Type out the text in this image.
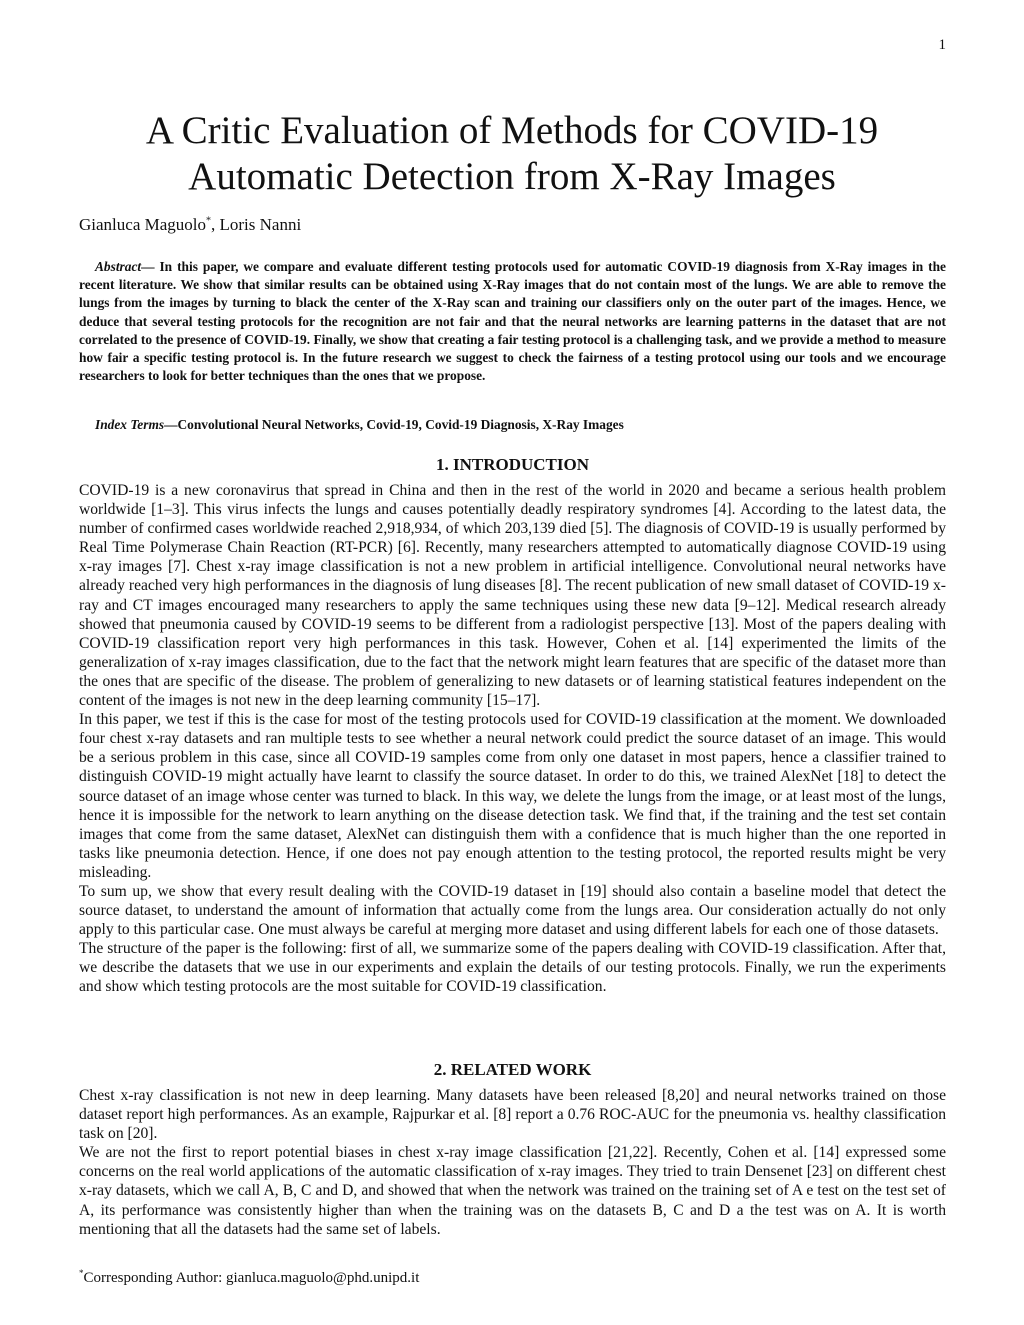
1
A Critic Evaluation of Methods for COVID-19
Automatic Detection from X-Ray Images
Gianluca Maguolo*, Loris Nanni

Abstract— In this paper, we compare and evaluate different testing protocols used for automatic COVID-19 diagnosis from X-Ray images in the recent literature. We show that similar results can be obtained using X-Ray images that do not contain most of the lungs. We are able to remove the lungs from the images by turning to black the center of the X-Ray scan and training our classifiers only on the outer part of the images. Hence, we deduce that several testing protocols for the recognition are not fair and that the neural networks are learning patterns in the dataset that are not correlated to the presence of COVID-19. Finally, we show that creating a fair testing protocol is a challenging task, and we provide a method to measure how fair a specific testing protocol is. In the future research we suggest to check the fairness of a testing protocol using our tools and we encourage researchers to look for better techniques than the ones that we propose.

Index Terms—Convolutional Neural Networks, Covid-19, Covid-19 Diagnosis, X-Ray Images

1. INTRODUCTION

COVID-19 is a new coronavirus that spread in China and then in the rest of the world in 2020 and became a serious health problem worldwide [1–3]. This virus infects the lungs and causes potentially deadly respiratory syndromes [4]. According to the latest data, the number of confirmed cases worldwide reached 2,918,934, of which 203,139 died [5]. The diagnosis of COVID-19 is usually performed by Real Time Polymerase Chain Reaction (RT-PCR) [6]. Recently, many researchers attempted to automatically diagnose COVID-19 using x-ray images [7]. Chest x-ray image classification is not a new problem in artificial intelligence. Convolutional neural networks have already reached very high performances in the diagnosis of lung diseases [8]. The recent publication of new small dataset of COVID-19 x-ray and CT images encouraged many researchers to apply the same techniques using these new data [9–12]. Medical research already showed that pneumonia caused by COVID-19 seems to be different from a radiologist perspective [13]. Most of the papers dealing with COVID-19 classification report very high performances in this task. However, Cohen et al. [14] experimented the limits of the generalization of x-ray images classification, due to the fact that the network might learn features that are specific of the dataset more than the ones that are specific of the disease. The problem of generalizing to new datasets or of learning statistical features independent on the content of the images is not new in the deep learning community [15–17].

In this paper, we test if this is the case for most of the testing protocols used for COVID-19 classification at the moment. We downloaded four chest x-ray datasets and ran multiple tests to see whether a neural network could predict the source dataset of an image. This would be a serious problem in this case, since all COVID-19 samples come from only one dataset in most papers, hence a classifier trained to distinguish COVID-19 might actually have learnt to classify the source dataset. In order to do this, we trained AlexNet [18] to detect the source dataset of an image whose center was turned to black. In this way, we delete the lungs from the image, or at least most of the lungs, hence it is impossible for the network to learn anything on the disease detection task. We find that, if the training and the test set contain images that come from the same dataset, AlexNet can distinguish them with a confidence that is much higher than the one reported in tasks like pneumonia detection. Hence, if one does not pay enough attention to the testing protocol, the reported results might be very misleading.

To sum up, we show that every result dealing with the COVID-19 dataset in [19] should also contain a baseline model that detect the source dataset, to understand the amount of information that actually come from the lungs area. Our consideration actually do not only apply to this particular case. One must always be careful at merging more dataset and using different labels for each one of those datasets.

The structure of the paper is the following: first of all, we summarize some of the papers dealing with COVID-19 classification. After that, we describe the datasets that we use in our experiments and explain the details of our testing protocols. Finally, we run the experiments and show which testing protocols are the most suitable for COVID-19 classification.

2. RELATED WORK

Chest x-ray classification is not new in deep learning. Many datasets have been released [8,20] and neural networks trained on those dataset report high performances. As an example, Rajpurkar et al. [8] report a 0.76 ROC-AUC for the pneumonia vs. healthy classification task on [20].

We are not the first to report potential biases in chest x-ray image classification [21,22]. Recently, Cohen et al. [14] expressed some concerns on the real world applications of the automatic classification of x-ray images. They tried to train Densenet [23] on different chest x-ray datasets, which we call A, B, C and D, and showed that when the network was trained on the training set of A e test on the test set of A, its performance was consistently higher than when the training was on the datasets B, C and D a the test was on A. It is worth mentioning that all the datasets had the same set of labels.

*Corresponding Author: gianluca.maguolo@phd.unipd.it
